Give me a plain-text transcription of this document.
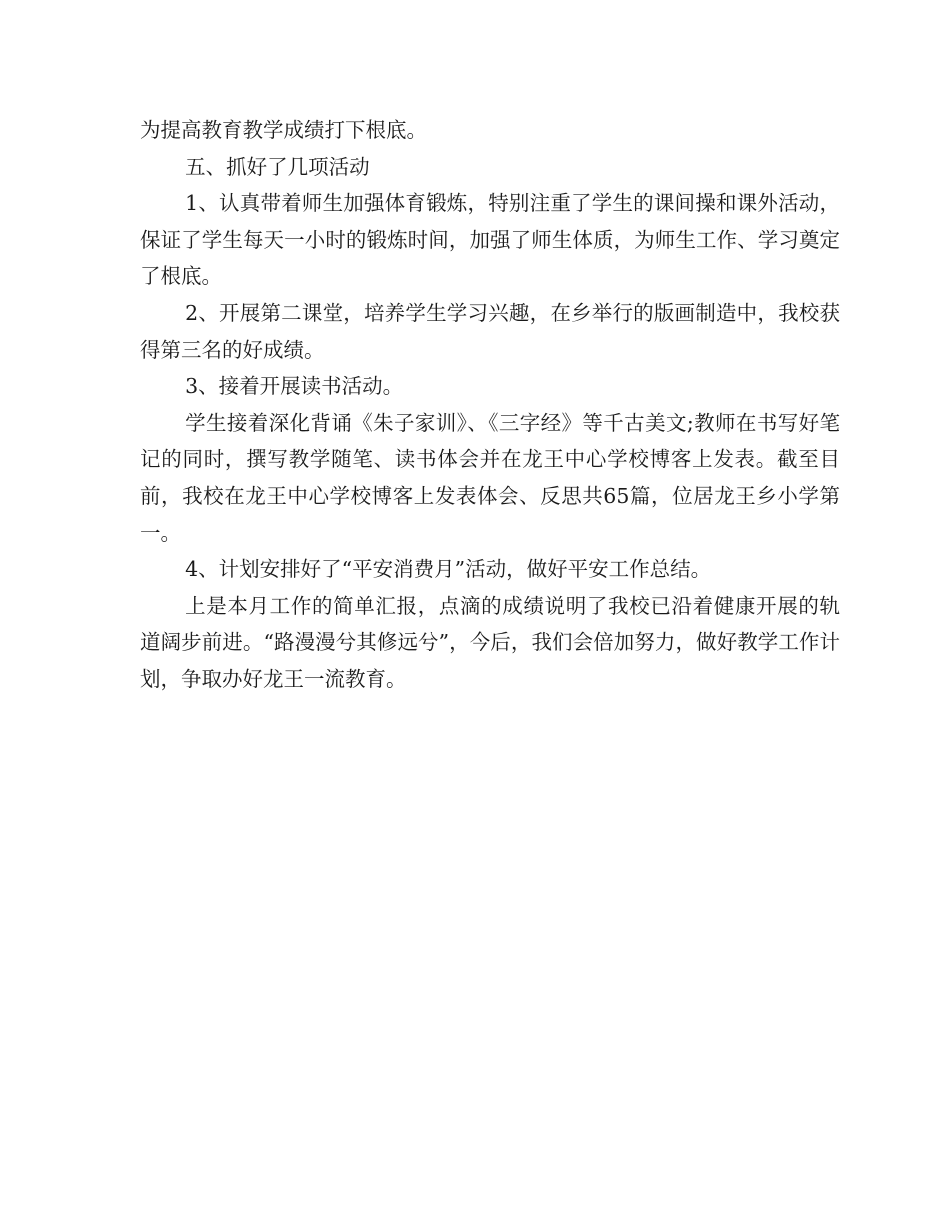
为提高教育教学成绩打下根底。

五、抓好了几项活动

1、认真带着师生加强体育锻炼，特别注重了学生的课间操和课外活动，保证了学生每天一小时的锻炼时间，加强了师生体质，为师生工作、学习奠定了根底。

2、开展第二课堂，培养学生学习兴趣，在乡举行的版画制造中，我校获得第三名的好成绩。

3、接着开展读书活动。

学生接着深化背诵《朱子家训》、《三字经》等千古美文;教师在书写好笔记的同时，撰写教学随笔、读书体会并在龙王中心学校博客上发表。截至目前，我校在龙王中心学校博客上发表体会、反思共65篇，位居龙王乡小学第一。

4、计划安排好了“平安消费月”活动，做好平安工作总结。

上是本月工作的简单汇报，点滴的成绩说明了我校已沿着健康开展的轨道阔步前进。“路漫漫兮其修远兮”，今后，我们会倍加努力，做好教学工作计划，争取办好龙王一流教育。
